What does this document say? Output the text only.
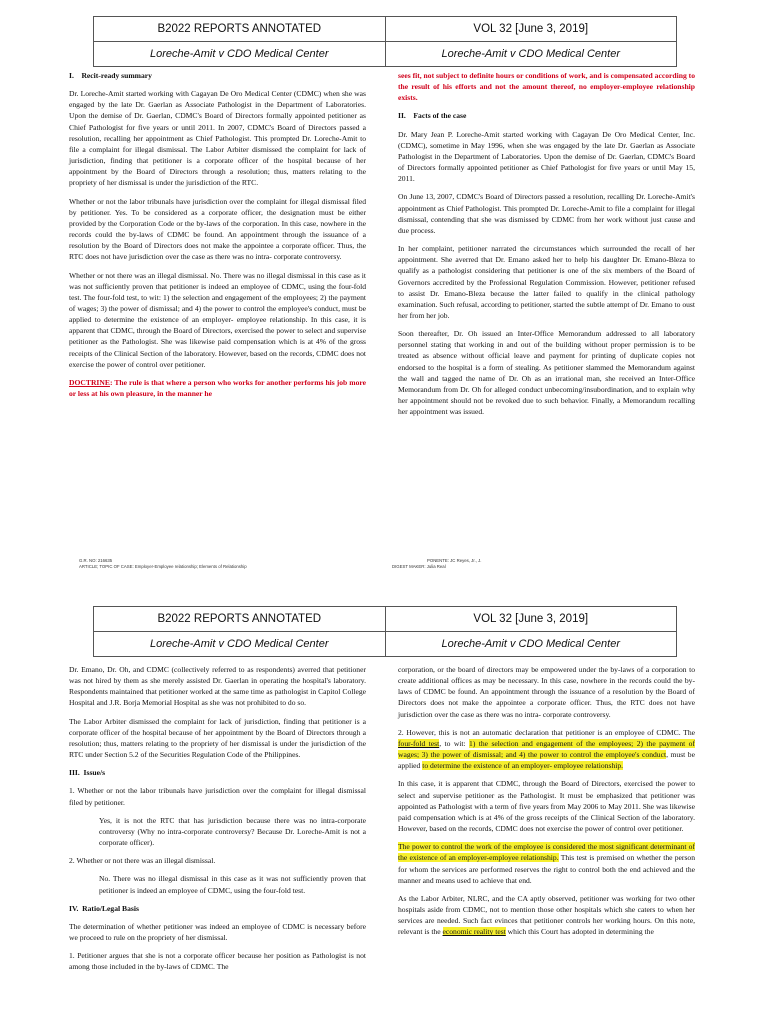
B2022 REPORTS ANNOTATED	VOL 32 [June 3, 2019]
Loreche-Amit v CDO Medical Center	Loreche-Amit v CDO Medical Center

I.    Recit-ready summary

Dr. Loreche-Amit started working with Cagayan De Oro Medical Center (CDMC) when she was engaged by the late Dr. Gaerlan as Associate Pathologist in the Department of Laboratories. Upon the demise of Dr. Gaerlan, CDMC's Board of Directors formally appointed petitioner as Chief Pathologist for five years or until 2011. In 2007, CDMC's Board of Directors passed a resolution, recalling her appointment as Chief Pathologist. This prompted Dr. Loreche-Amit to file a complaint for illegal dismissal. The Labor Arbiter dismissed the complaint for lack of jurisdiction, finding that petitioner is a corporate officer of the hospital because of her appointment by the Board of Directors through a resolution; thus, matters relating to the propriety of her dismissal is under the jurisdiction of the RTC.

Whether or not the labor tribunals have jurisdiction over the complaint for illegal dismissal filed by petitioner. Yes. To be considered as a corporate officer, the designation must be either provided by the Corporation Code or the by-laws of the corporation. In this case, nowhere in the records could the by-laws of CDMC be found. An appointment through the issuance of a resolution by the Board of Directors does not make the appointee a corporate officer. Thus, the RTC does not have jurisdiction over the case as there was no intra- corporate controversy.

Whether or not there was an illegal dismissal. No. There was no illegal dismissal in this case as it was not sufficiently proven that petitioner is indeed an employee of CDMC, using the four-fold test. The four-fold test, to wit: 1) the selection and engagement of the employees; 2) the payment of wages; 3) the power of dismissal; and 4) the power to control the employee's conduct, must be applied to determine the existence of an employer- employee relationship. In this case, it is apparent that CDMC, through the Board of Directors, exercised the power to select and supervise petitioner as the Pathologist. She was likewise paid compensation which is at 4% of the gross receipts of the Clinical Section of the laboratory. However, based on the records, CDMC does not exercise the power of control over petitioner.

DOCTRINE: The rule is that where a person who works for another performs his job more or less at his own pleasure, in the manner he

sees fit, not subject to definite hours or conditions of work, and is compensated according to the result of his efforts and not the amount thereof, no employer-employee relationship exists.

II.    Facts of the case

Dr. Mary Jean P. Loreche-Amit started working with Cagayan De Oro Medical Center, Inc. (CDMC), sometime in May 1996, when she was engaged by the late Dr. Gaerlan as Associate Pathologist in the Department of Laboratories. Upon the demise of Dr. Gaerlan, CDMC's Board of Directors formally appointed petitioner as Chief Pathologist for five years or until May 15, 2011.

On June 13, 2007, CDMC's Board of Directors passed a resolution, recalling Dr. Loreche-Amit's appointment as Chief Pathologist. This prompted Dr. Loreche-Amit to file a complaint for illegal dismissal, contending that she was dismissed by CDMC from her work without just cause and due process.

In her complaint, petitioner narrated the circumstances which surrounded the recall of her appointment. She averred that Dr. Emano asked her to help his daughter Dr. Emano-Bleza to qualify as a pathologist considering that petitioner is one of the six members of the Board of Governors accredited by the Professional Regulation Commission. However, petitioner refused to assist Dr. Emano-Bleza because the latter failed to qualify in the clinical pathology examination. Such refusal, according to petitioner, started the subtle attempt of Dr. Emano to oust her from her job.

Soon thereafter, Dr. Oh issued an Inter-Office Memorandum addressed to all laboratory personnel stating that working in and out of the building without proper permission is to be treated as absence without official leave and payment for printing of duplicate copies not endorsed to the hospital is a form of stealing. As petitioner slammed the Memorandum against the wall and tagged the name of Dr. Oh as an irrational man, she received an Inter-Office Memorandum from Dr. Oh for alleged conduct unbecoming/insubordination, and to explain why her appointment should not be revoked due to such behavior. Finally, a Memorandum recalling her appointment was issued.

G.R. NO: 216635
ARTICLE; TOPIC OF CASE: Employer-Employee relationship; Elements of Relationship
PONENTE: JC Reyes, Jr., J.
DIGEST MAKER: Julia Real
B2022 REPORTS ANNOTATED	VOL 32 [June 3, 2019]
Loreche-Amit v CDO Medical Center	Loreche-Amit v CDO Medical Center

Dr. Emano, Dr. Oh, and CDMC (collectively referred to as respondents) averred that petitioner was not hired by them as she merely assisted Dr. Gaerlan in operating the hospital's laboratory. Respondents maintained that petitioner worked at the same time as pathologist in Capitol College Hospital and J.R. Borja Memorial Hospital as she was not prohibited to do so.

The Labor Arbiter dismissed the complaint for lack of jurisdiction, finding that petitioner is a corporate officer of the hospital because of her appointment by the Board of Directors through a resolution; thus, matters relating to the propriety of her dismissal is under the jurisdiction of the RTC under Section 5.2 of the Securities Regulation Code of the Philippines.

III.  Issue/s

1. Whether or not the labor tribunals have jurisdiction over the complaint for illegal dismissal filed by petitioner.

Yes, it is not the RTC that has jurisdiction because there was no intra-corporate controversy (Why no intra-corporate controversy? Because Dr. Loreche-Amit is not a corporate officer).

2. Whether or not there was an illegal dismissal.

No. There was no illegal dismissal in this case as it was not sufficiently proven that petitioner is indeed an employee of CDMC, using the four-fold test.

IV.  Ratio/Legal Basis

The determination of whether petitioner was indeed an employee of CDMC is necessary before we proceed to rule on the propriety of her dismissal.

1. Petitioner argues that she is not a corporate officer because her position as Pathologist is not among those included in the by-laws of CDMC. The

corporation, or the board of directors may be empowered under the by-laws of a corporation to create additional offices as may be necessary. In this case, nowhere in the records could the by-laws of CDMC be found. An appointment through the issuance of a resolution by the Board of Directors does not make the appointee a corporate officer. Thus, the RTC does not have jurisdiction over the case as there was no intra- corporate controversy.

2. However, this is not an automatic declaration that petitioner is an employee of CDMC. The four-fold test, to wit: 1) the selection and engagement of the employees; 2) the payment of wages; 3) the power of dismissal; and 4) the power to control the employee's conduct, must be applied to determine the existence of an employer- employee relationship.

In this case, it is apparent that CDMC, through the Board of Directors, exercised the power to select and supervise petitioner as the Pathologist. It must be emphasized that petitioner was appointed as Pathologist with a term of five years from May 2006 to May 2011. She was likewise paid compensation which is at 4% of the gross receipts of the Clinical Section of the laboratory. However, based on the records, CDMC does not exercise the power of control over petitioner.

The power to control the work of the employee is considered the most significant determinant of the existence of an employer-employee relationship. This test is premised on whether the person for whom the services are performed reserves the right to control both the end achieved and the manner and means used to achieve that end.

As the Labor Arbiter, NLRC, and the CA aptly observed, petitioner was working for two other hospitals aside from CDMC, not to mention those other hospitals which she caters to when her services are needed. Such fact evinces that petitioner controls her working hours. On this note, relevant is the economic reality test which this Court has adopted in determining the
